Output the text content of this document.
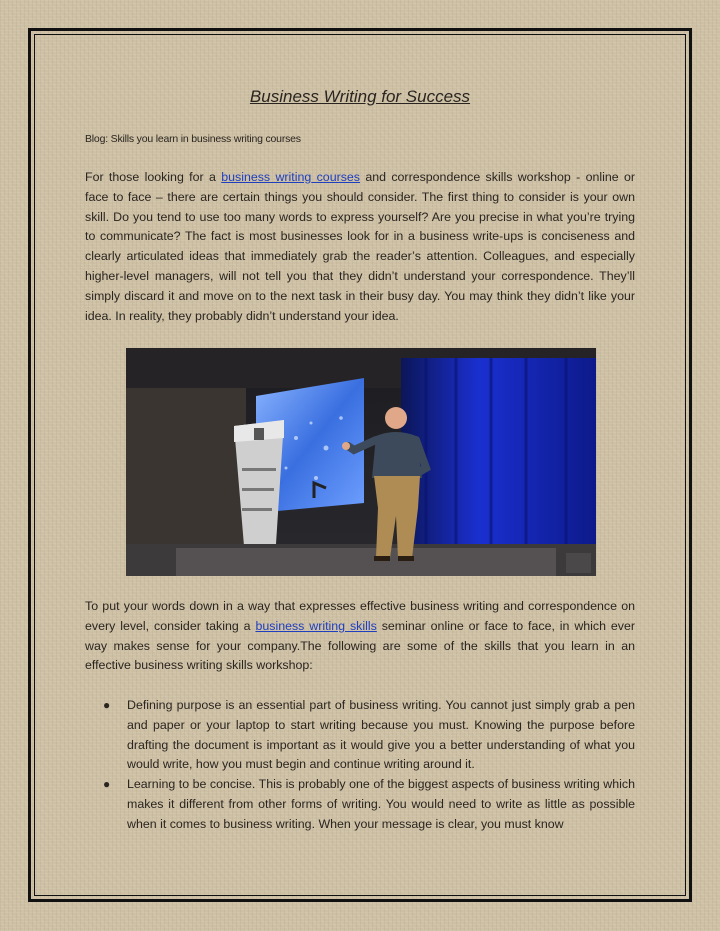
Business Writing for Success

Blog: Skills you learn in business writing courses

For those looking for a business writing courses and correspondence skills workshop - online or face to face – there are certain things you should consider. The first thing to consider is your own skill. Do you tend to use too many words to express yourself? Are you precise in what you’re trying to communicate? The fact is most businesses look for in a business write-ups is conciseness and clearly articulated ideas that immediately grab the reader’s attention. Colleagues, and especially higher-level managers, will not tell you that they didn’t understand your correspondence. They’ll simply discard it and move on to the next task in their busy day. You may think they didn’t like your idea. In reality, they probably didn’t understand your idea.

To put your words down in a way that expresses effective business writing and correspondence on every level, consider taking a business writing skills seminar online or face to face, in which ever way makes sense for your company.The following are some of the skills that you learn in an effective business writing skills workshop:

● Defining purpose is an essential part of business writing. You cannot just simply grab a pen and paper or your laptop to start writing because you must. Knowing the purpose before drafting the document is important as it would give you a better understanding of what you would write, how you must begin and continue writing around it.
● Learning to be concise. This is probably one of the biggest aspects of business writing which makes it different from other forms of writing. You would need to write as little as possible when it comes to business writing. When your message is clear, you must know
